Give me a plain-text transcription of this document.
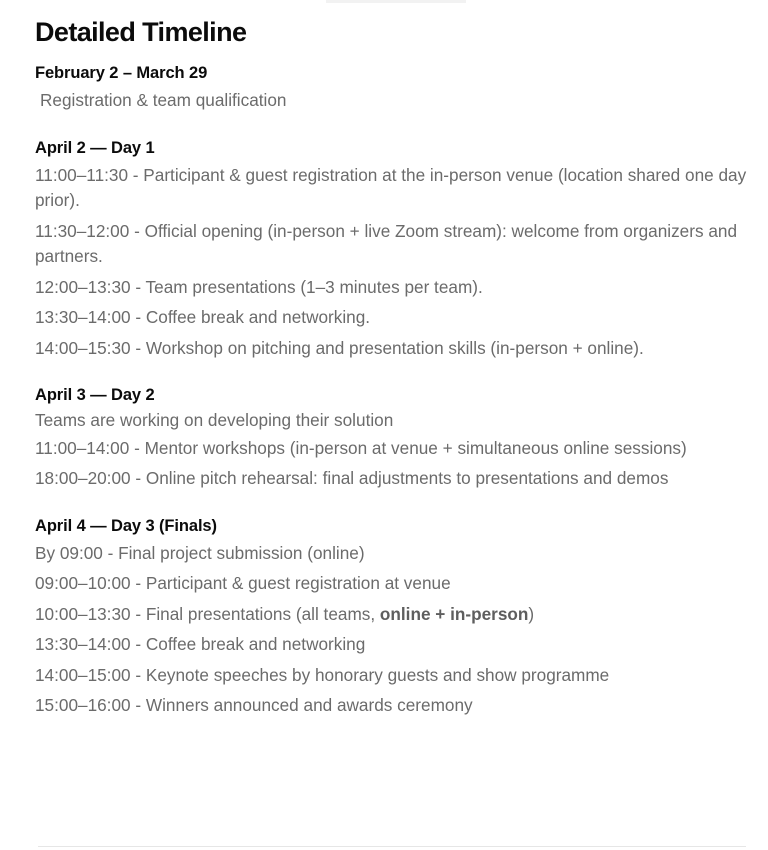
Detailed Timeline
February 2 – March 29

Registration & team qualification

April 2 — Day 1

11:00–11:30 - Participant & guest registration at the in-person venue (location shared one day prior).

11:30–12:00 - Official opening (in-person + live Zoom stream): welcome from organizers and partners.

12:00–13:30 - Team presentations (1–3 minutes per team).

13:30–14:00 - Coffee break and networking.

14:00–15:30 - Workshop on pitching and presentation skills (in-person + online).

April 3 — Day 2

Teams are working on developing their solution

11:00–14:00 - Mentor workshops (in-person at venue + simultaneous online sessions)

18:00–20:00 - Online pitch rehearsal: final adjustments to presentations and demos

April 4 — Day 3 (Finals)

By 09:00 - Final project submission (online)

09:00–10:00 - Participant & guest registration at venue

10:00–13:30 - Final presentations (all teams, online + in-person)

13:30–14:00 - Coffee break and networking

14:00–15:00 - Keynote speeches by honorary guests and show programme

15:00–16:00 - Winners announced and awards ceremony
